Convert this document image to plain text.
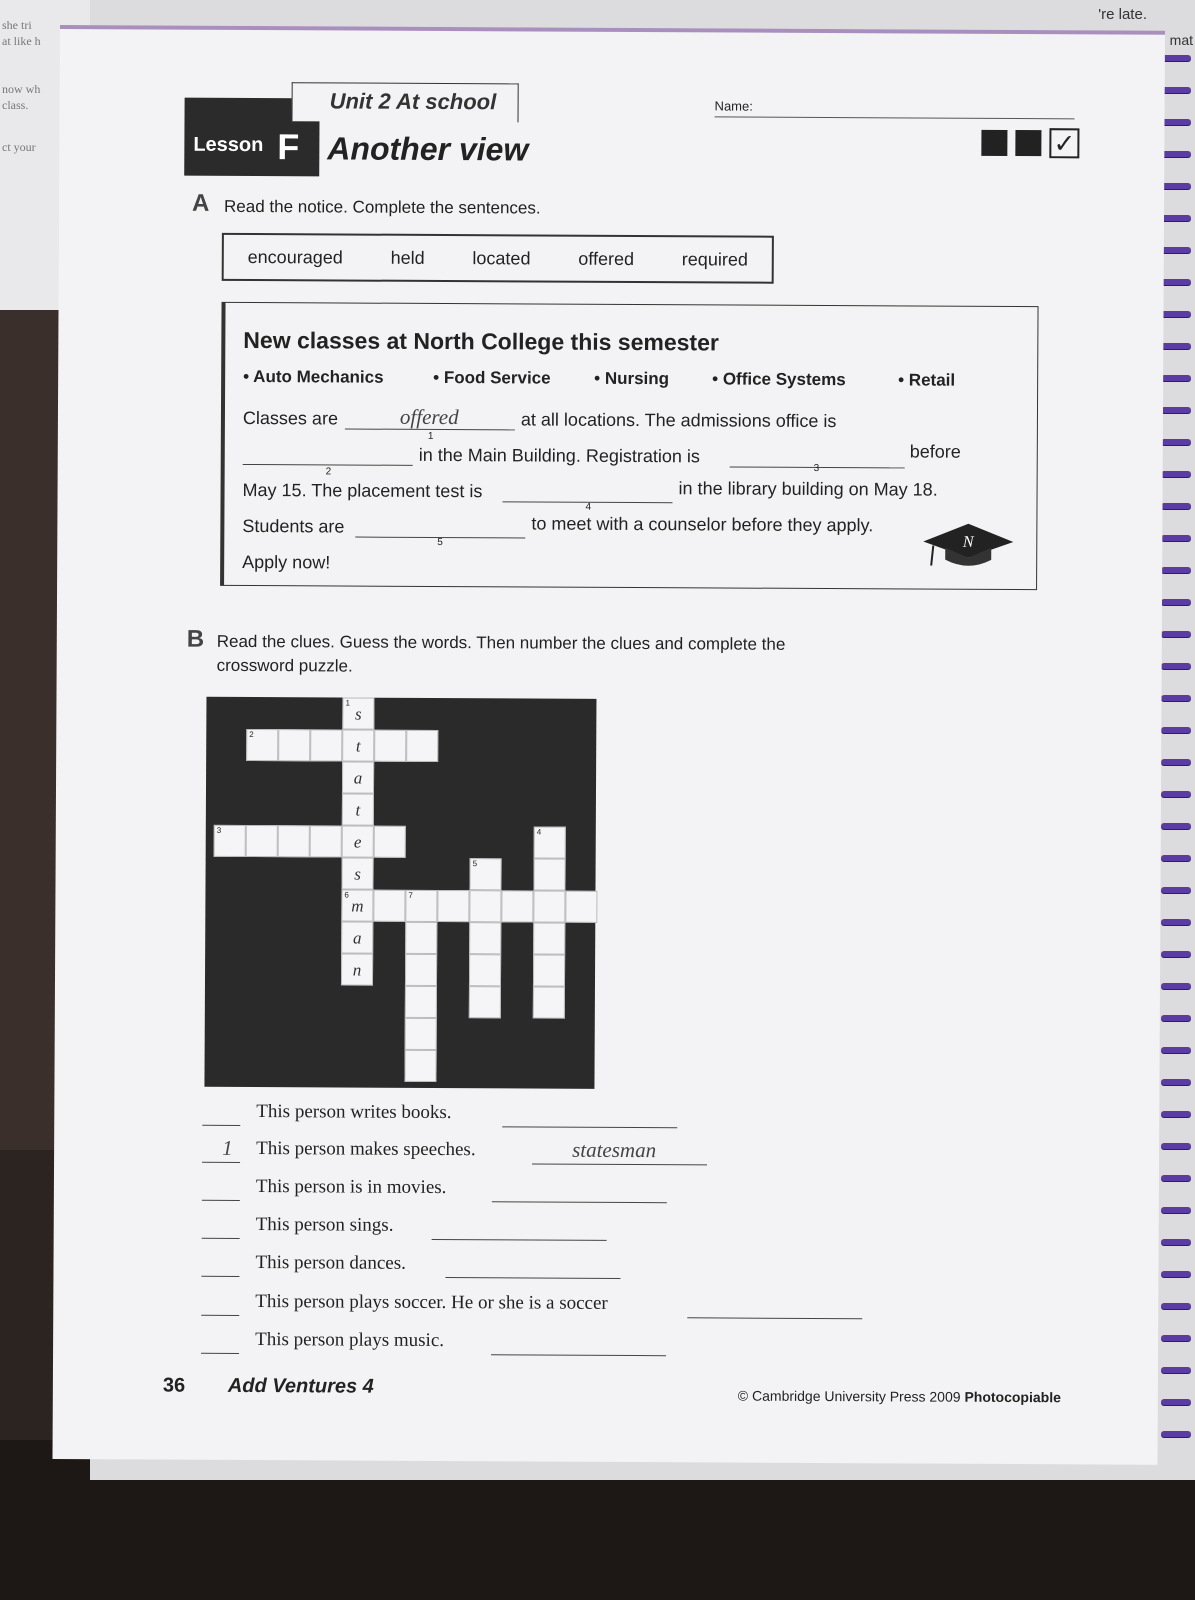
she tri
at like h
now wh
class.
ct your
're late.
mat
Unit 2 At school
Lesson F Another view
Name:
✓
A Read the notice. Complete the sentences.
encouraged	held	located	offered	required
New classes at North College this semester
• Auto Mechanics	• Food Service	• Nursing	• Office Systems	• Retail
Classes are	offered
1
at all locations. The admissions office is
2
in the Main Building. Registration is
3
before
May 15. The placement test is
4
in the library building on May 18.
Students are
5
to meet with a counselor before they apply.
Apply now!
N
B Read the clues. Guess the words. Then number the clues and complete the
crossword puzzle.
1
s
2
t
a
t
3
e
4
s
5
6
m
7
a
n
This person writes books.
1 This person makes speeches.	statesman
This person is in movies.
This person sings.
This person dances.
This person plays soccer. He or she is a soccer
This person plays music.
36 Add Ventures 4	© Cambridge University Press 2009 Photocopiable
